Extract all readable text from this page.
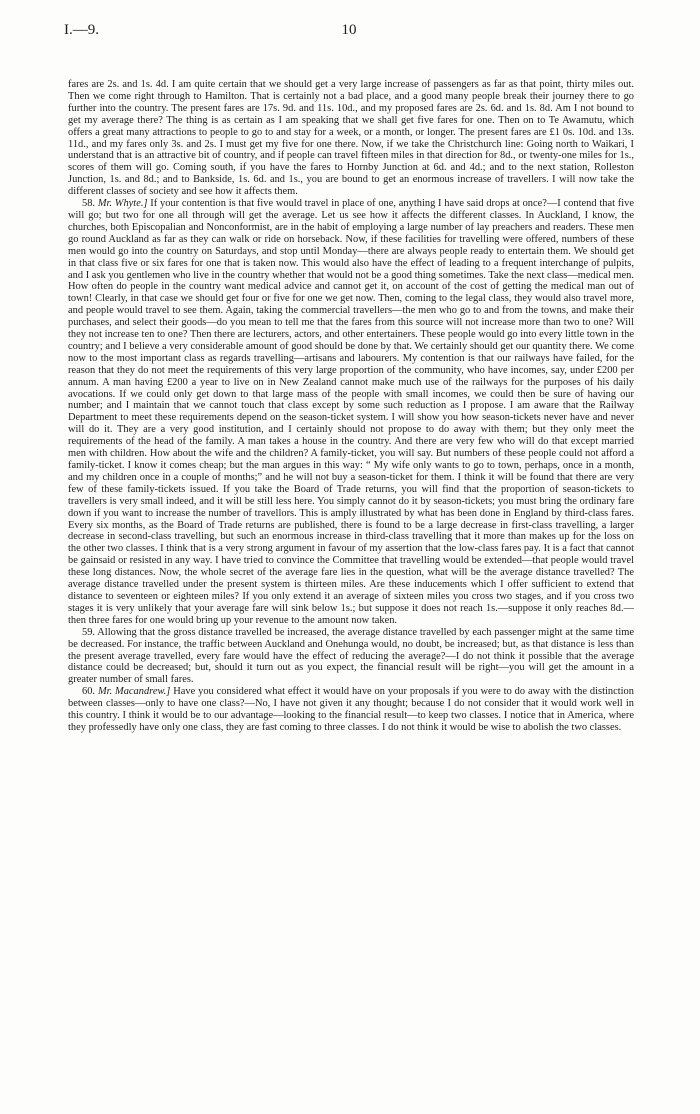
I.—9.	10

fares are 2s. and 1s. 4d. I am quite certain that we should get a very large increase of passengers as far as that point, thirty miles out. Then we come right through to Hamilton. That is certainly not a bad place, and a good many people break their journey there to go further into the country. The present fares are 17s. 9d. and 11s. 10d., and my proposed fares are 2s. 6d. and 1s. 8d. Am I not bound to get my average there? The thing is as certain as I am speaking that we shall get five fares for one. Then on to Te Awamutu, which offers a great many attractions to people to go to and stay for a week, or a month, or longer. The present fares are £1 0s. 10d. and 13s. 11d., and my fares only 3s. and 2s. I must get my five for one there. Now, if we take the Christchurch line: Going north to Waikari, I understand that is an attractive bit of country, and if people can travel fifteen miles in that direction for 8d., or twenty-one miles for 1s., scores of them will go. Coming south, if you have the fares to Hornby Junction at 6d. and 4d.; and to the next station, Rolleston Junction, 1s. and 8d.; and to Bankside, 1s. 6d. and 1s., you are bound to get an enormous increase of travellers. I will now take the different classes of society and see how it affects them.

58. Mr. Whyte.] If your contention is that five would travel in place of one, anything I have said drops at once?—I contend that five will go; but two for one all through will get the average. Let us see how it affects the different classes. In Auckland, I know, the churches, both Episcopalian and Nonconformist, are in the habit of employing a large number of lay preachers and readers. These men go round Auckland as far as they can walk or ride on horseback. Now, if these facilities for travelling were offered, numbers of these men would go into the country on Saturdays, and stop until Monday—there are always people ready to entertain them. We should get in that class five or six fares for one that is taken now. This would also have the effect of leading to a frequent interchange of pulpits, and I ask you gentlemen who live in the country whether that would not be a good thing sometimes. Take the next class—medical men. How often do people in the country want medical advice and cannot get it, on account of the cost of getting the medical man out of town! Clearly, in that case we should get four or five for one we get now. Then, coming to the legal class, they would also travel more, and people would travel to see them. Again, taking the commercial travellers—the men who go to and from the towns, and make their purchases, and select their goods—do you mean to tell me that the fares from this source will not increase more than two to one? Will they not increase ten to one? Then there are lecturers, actors, and other entertainers. These people would go into every little town in the country; and I believe a very considerable amount of good should be done by that. We certainly should get our quantity there. We come now to the most important class as regards travelling—artisans and labourers. My contention is that our railways have failed, for the reason that they do not meet the requirements of this very large proportion of the community, who have incomes, say, under £200 per annum. A man having £200 a year to live on in New Zealand cannot make much use of the railways for the purposes of his daily avocations. If we could only get down to that large mass of the people with small incomes, we could then be sure of having our number; and I maintain that we cannot touch that class except by some such reduction as I propose. I am aware that the Railway Department to meet these requirements depend on the season-ticket system. I will show you how season-tickets never have and never will do it. They are a very good institution, and I certainly should not propose to do away with them; but they only meet the requirements of the head of the family. A man takes a house in the country. And there are very few who will do that except married men with children. How about the wife and the children? A family-ticket, you will say. But numbers of these people could not afford a family-ticket. I know it comes cheap; but the man argues in this way: “ My wife only wants to go to town, perhaps, once in a month, and my children once in a couple of months;” and he will not buy a season-ticket for them. I think it will be found that there are very few of these family-tickets issued. If you take the Board of Trade returns, you will find that the proportion of season-tickets to travellers is very small indeed, and it will be still less here. You simply cannot do it by season-tickets; you must bring the ordinary fare down if you want to increase the number of travellors. This is amply illustrated by what has been done in England by third-class fares. Every six months, as the Board of Trade returns are published, there is found to be a large decrease in first-class travelling, a larger decrease in second-class travelling, but such an enormous increase in third-class travelling that it more than makes up for the loss on the other two classes. I think that is a very strong argument in favour of my assertion that the low-class fares pay. It is a fact that cannot be gainsaid or resisted in any way. I have tried to convince the Committee that travelling would be extended—that people would travel these long distances. Now, the whole secret of the average fare lies in the question, what will be the average distance travelled? The average distance travelled under the present system is thirteen miles. Are these inducements which I offer sufficient to extend that distance to seventeen or eighteen miles? If you only extend it an average of sixteen miles you cross two stages, and if you cross two stages it is very unlikely that your average fare will sink below 1s.; but suppose it does not reach 1s.—suppose it only reaches 8d.—then three fares for one would bring up your revenue to the amount now taken.

59. Allowing that the gross distance travelled be increased, the average distance travelled by each passenger might at the same time be decreased. For instance, the traffic between Auckland and Onehunga would, no doubt, be increased; but, as that distance is less than the present average travelled, every fare would have the effect of reducing the average?—I do not think it possible that the average distance could be decreased; but, should it turn out as you expect, the financial result will be right—you will get the amount in a greater number of small fares.

60. Mr. Macandrew.] Have you considered what effect it would have on your proposals if you were to do away with the distinction between classes—only to have one class?—No, I have not given it any thought; because I do not consider that it would work well in this country. I think it would be to our advantage—looking to the financial result—to keep two classes. I notice that in America, where they professedly have only one class, they are fast coming to three classes. I do not think it would be wise to abolish the two classes.
